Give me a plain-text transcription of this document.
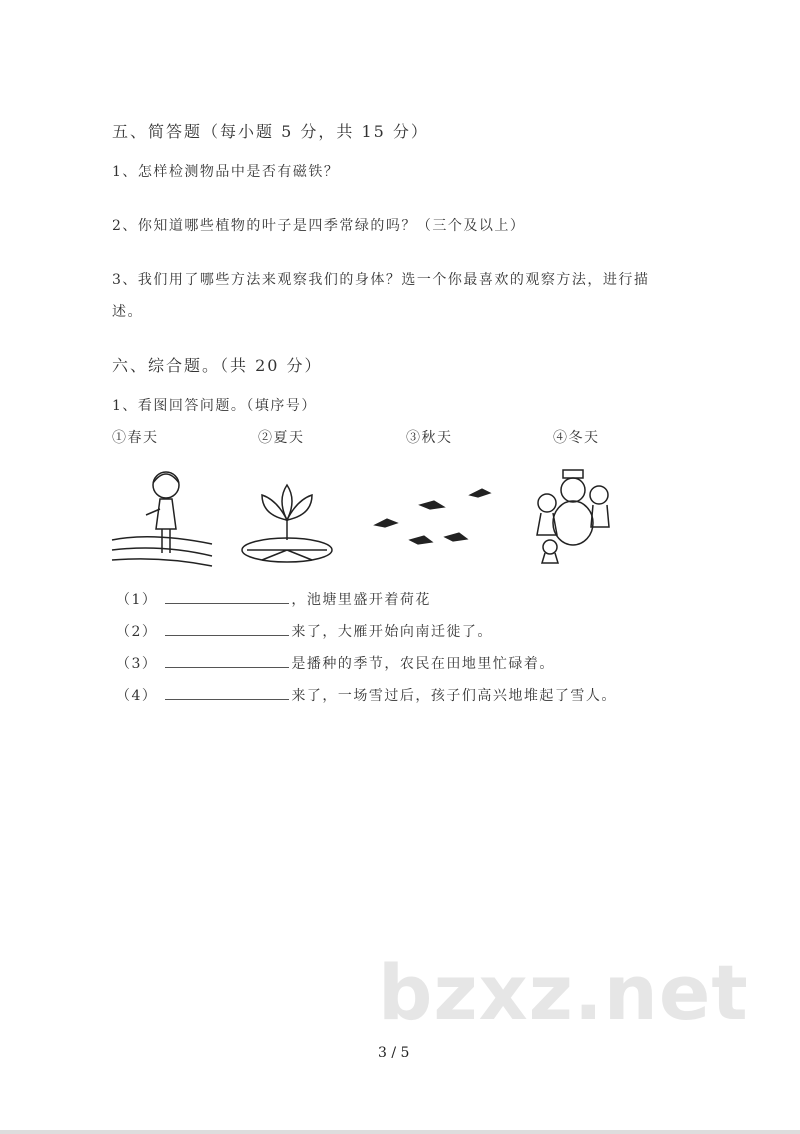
五、简答题（每小题 5 分，共 15 分）
1、怎样检测物品中是否有磁铁？
2、你知道哪些植物的叶子是四季常绿的吗？（三个及以上）
3、我们用了哪些方法来观察我们的身体？选一个你最喜欢的观察方法，进行描
述。
六、综合题。（共 20 分）
1、看图回答问题。（填序号）
①春天	②夏天	③秋天	④冬天
（1）	，池塘里盛开着荷花
（2）	来了，大雁开始向南迁徙了。
（3）	是播种的季节，农民在田地里忙碌着。
（4）	来了，一场雪过后，孩子们高兴地堆起了雪人。
bzxz.net
3 / 5
